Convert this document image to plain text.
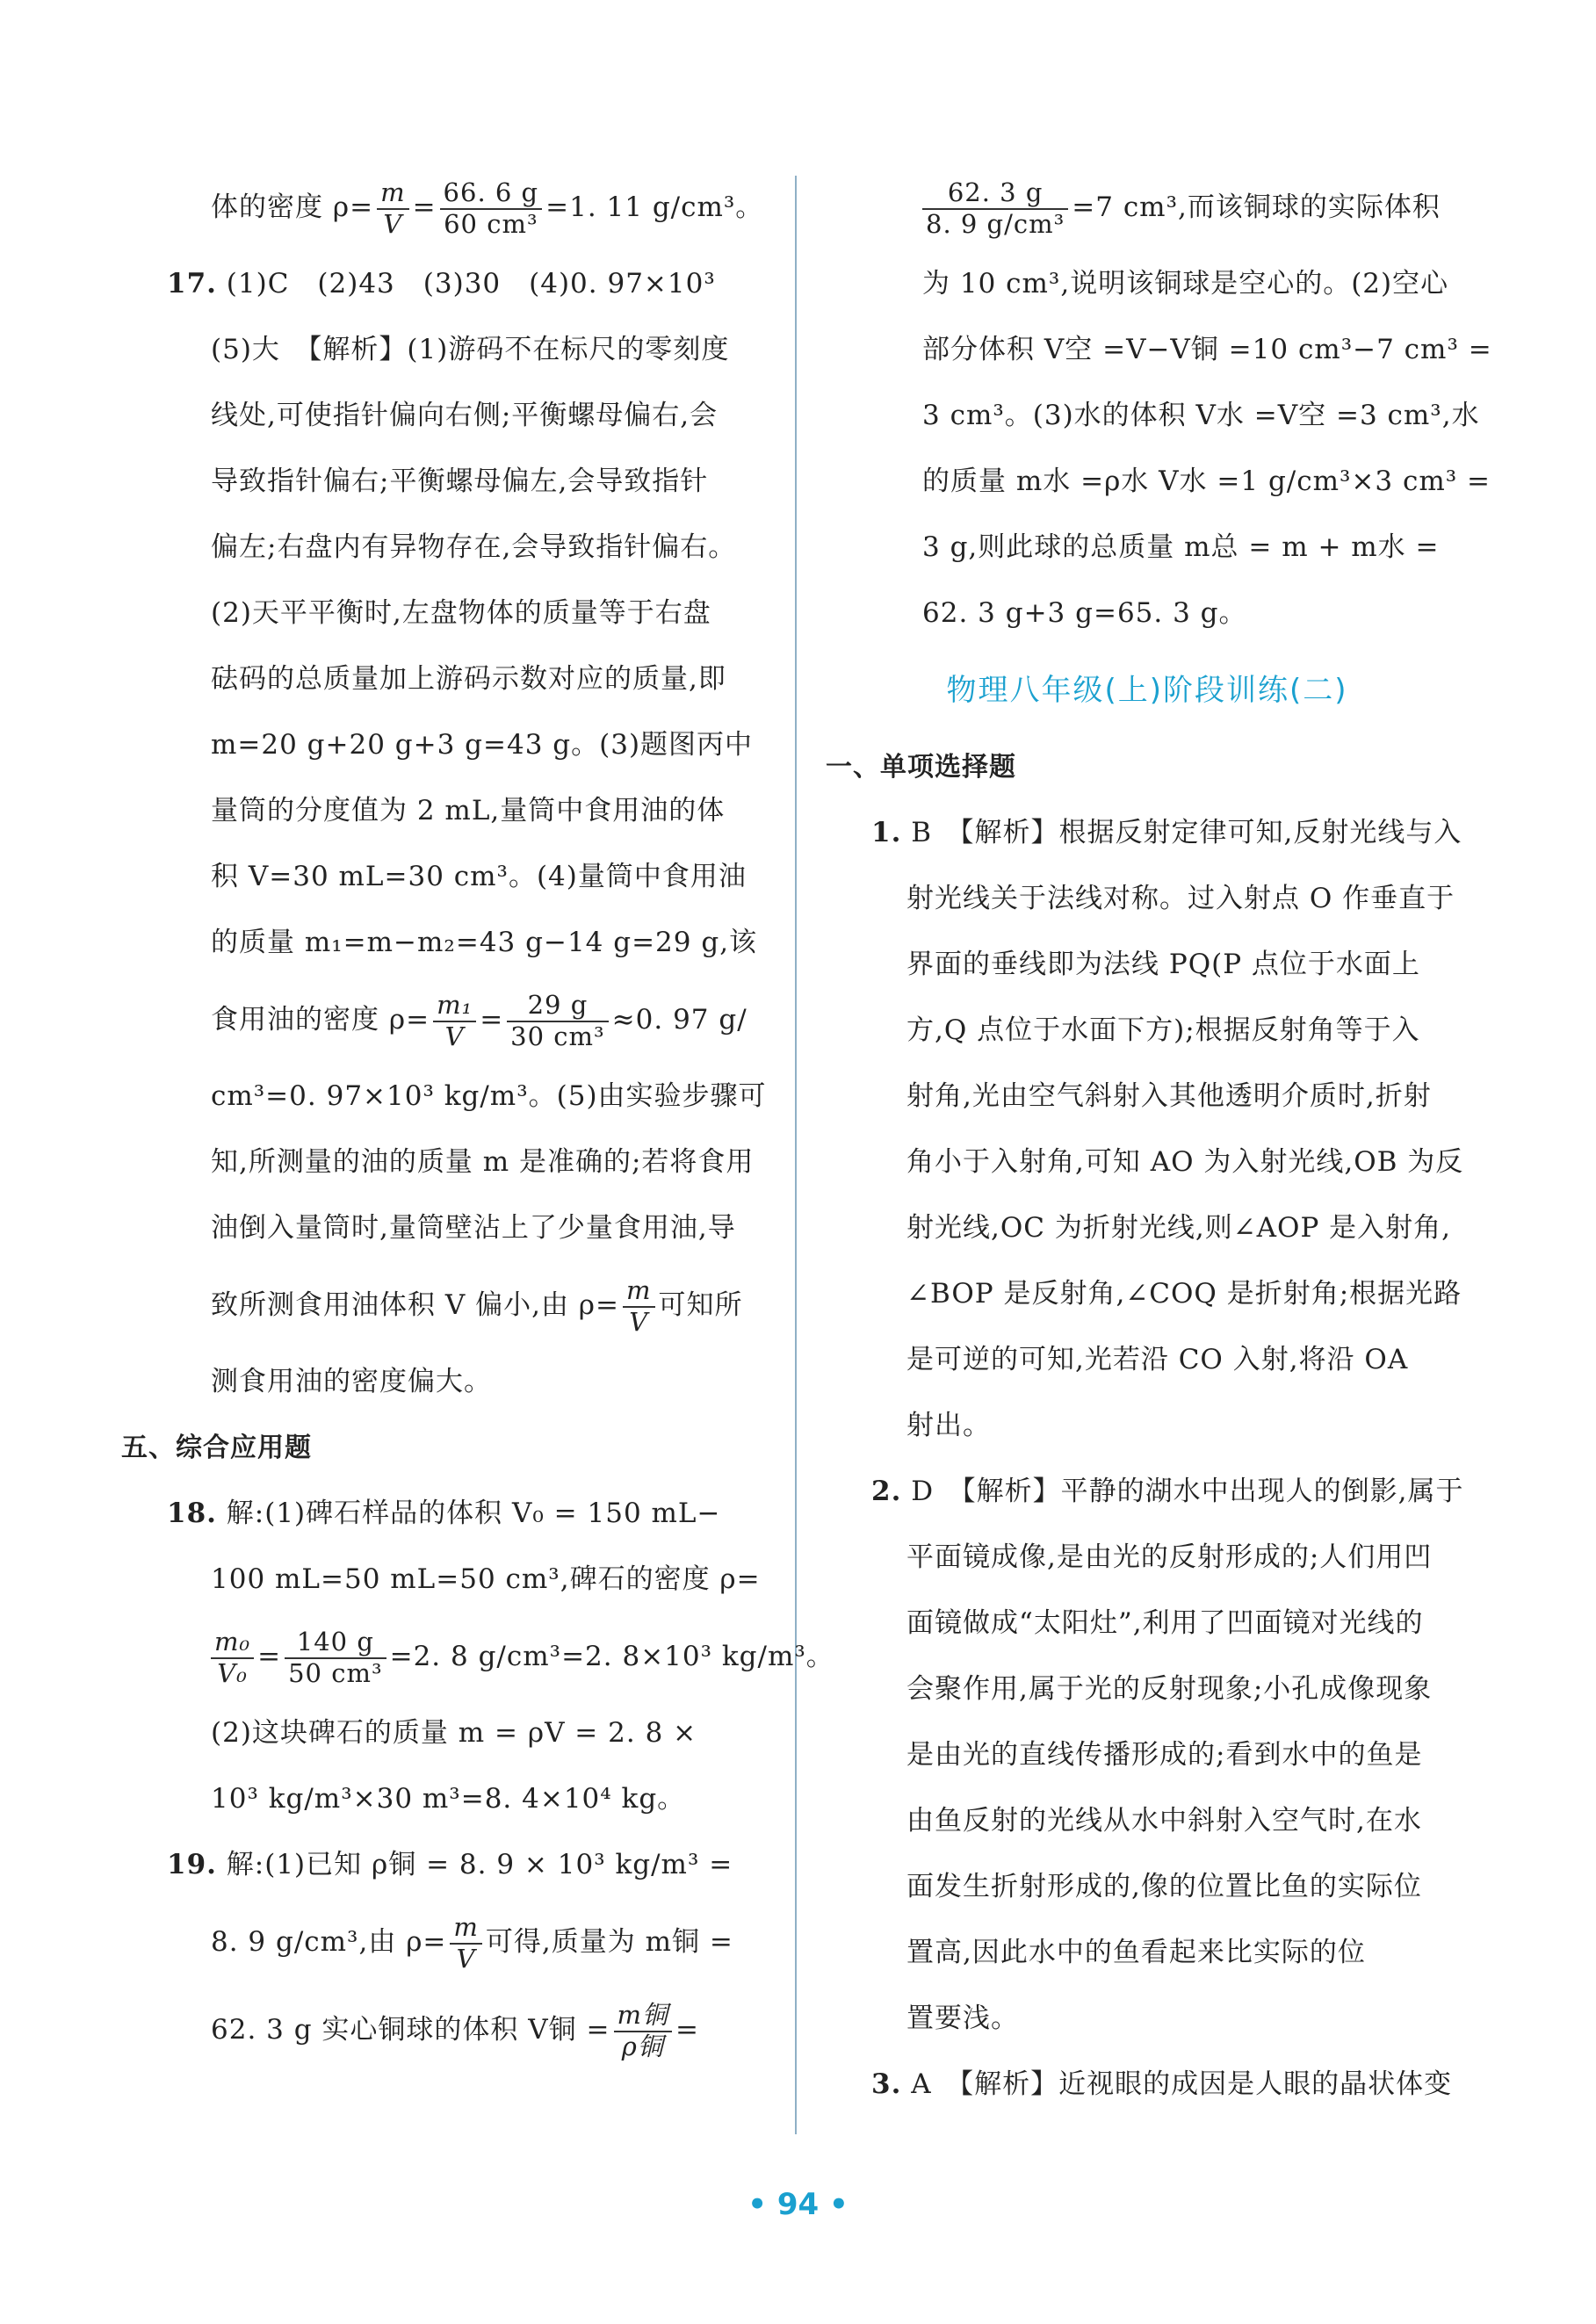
体的密度 $\rho= \frac{m}{V} = \frac{66. 6 g}{\text{60 cm³}} =1$. 11 g/cm³。
17. (1)C　(2)43　(3)30　(4)0. 97×10³
(5)大　【解析】(1)游码不在标尺的零刻度
线处,可使指针偏向右侧;平衡螺母偏右,会
导致指针偏右;平衡螺母偏左,会导致指针
偏左;右盘内有异物存在,会导致指针偏右。
(2)天平平衡时,左盘物体的质量等于右盘
砝码的总质量加上游码示数对应的质量,即
m=20 g+20 g+3 g=43 g。(3)题图丙中
量筒的分度值为 2 mL,量筒中食用油的体
积 V=30 mL=30 cm³。(4)量筒中食用油
的质量 m₁=m−m₂=43 g−14 g=29 g,该
食用油的密度 $\rho= \frac{\text{m₁}}{V} = \frac{29 g}{\text{30 cm³}} \approx 0$. 97 g/
cm³=0. 97×10³ kg/m³。(5)由实验步骤可
知,所测量的油的质量 m 是准确的;若将食用
油倒入量筒时,量筒壁沾上了少量食用油,导
致所测食用油体积 V 偏小,由 $\rho= \frac{m}{V}$ 可知所
测食用油的密度偏大。
五、综合应用题
18. 解:(1)碑石样品的体积 V₀ = 150 mL−
100 mL=50 mL=50 cm³,碑石的密度 ρ=
$\frac{\text{m₀}}{\text{V₀}} = \frac{140 g}{\text{50 cm³}} =2$. 8 g/cm³=2. 8×10³ kg/m³。
(2)这块碑石的质量 m = ρV = 2. 8 ×
10³ kg/m³×30 m³=8. 4×10⁴ kg。
19. 解:(1)已知 ρ铜 = 8. 9 × 10³ kg/m³ =
8. 9 g/cm³,由 $\rho= \frac{m}{V}$ 可得,质量为 m铜 =
62. 3 g 实心铜球的体积 V铜 = $\frac{\text{m铜}}{\text{ρ铜}}$ =
$\frac{62. 3 g}{\text{8. 9 g/cm³}} =7$ cm³,而该铜球的实际体积
为 10 cm³,说明该铜球是空心的。(2)空心
部分体积 V空 =V−V铜 =10 cm³−7 cm³ =
3 cm³。(3)水的体积 V水 =V空 =3 cm³,水
的质量 m水 =ρ水 V水 =1 g/cm³×3 cm³ =
3 g,则此球的总质量 m总 = m + m水 =
62. 3 g+3 g=65. 3 g。
物理八年级(上)阶段训练(二)
一、单项选择题
1. B　【解析】根据反射定律可知,反射光线与入
射光线关于法线对称。过入射点 O 作垂直于
界面的垂线即为法线 PQ(P 点位于水面上
方,Q 点位于水面下方);根据反射角等于入
射角,光由空气斜射入其他透明介质时,折射
角小于入射角,可知 AO 为入射光线,OB 为反
射光线,OC 为折射光线,则∠AOP 是入射角,
∠BOP 是反射角,∠COQ 是折射角;根据光路
是可逆的可知,光若沿 CO 入射,将沿 OA
射出。
2. D　【解析】平静的湖水中出现人的倒影,属于
平面镜成像,是由光的反射形成的;人们用凹
面镜做成“太阳灶”,利用了凹面镜对光线的
会聚作用,属于光的反射现象;小孔成像现象
是由光的直线传播形成的;看到水中的鱼是
由鱼反射的光线从水中斜射入空气时,在水
面发生折射形成的,像的位置比鱼的实际位
置高,因此水中的鱼看起来比实际的位
置要浅。
3. A　【解析】近视眼的成因是人眼的晶状体变
• 94 •
